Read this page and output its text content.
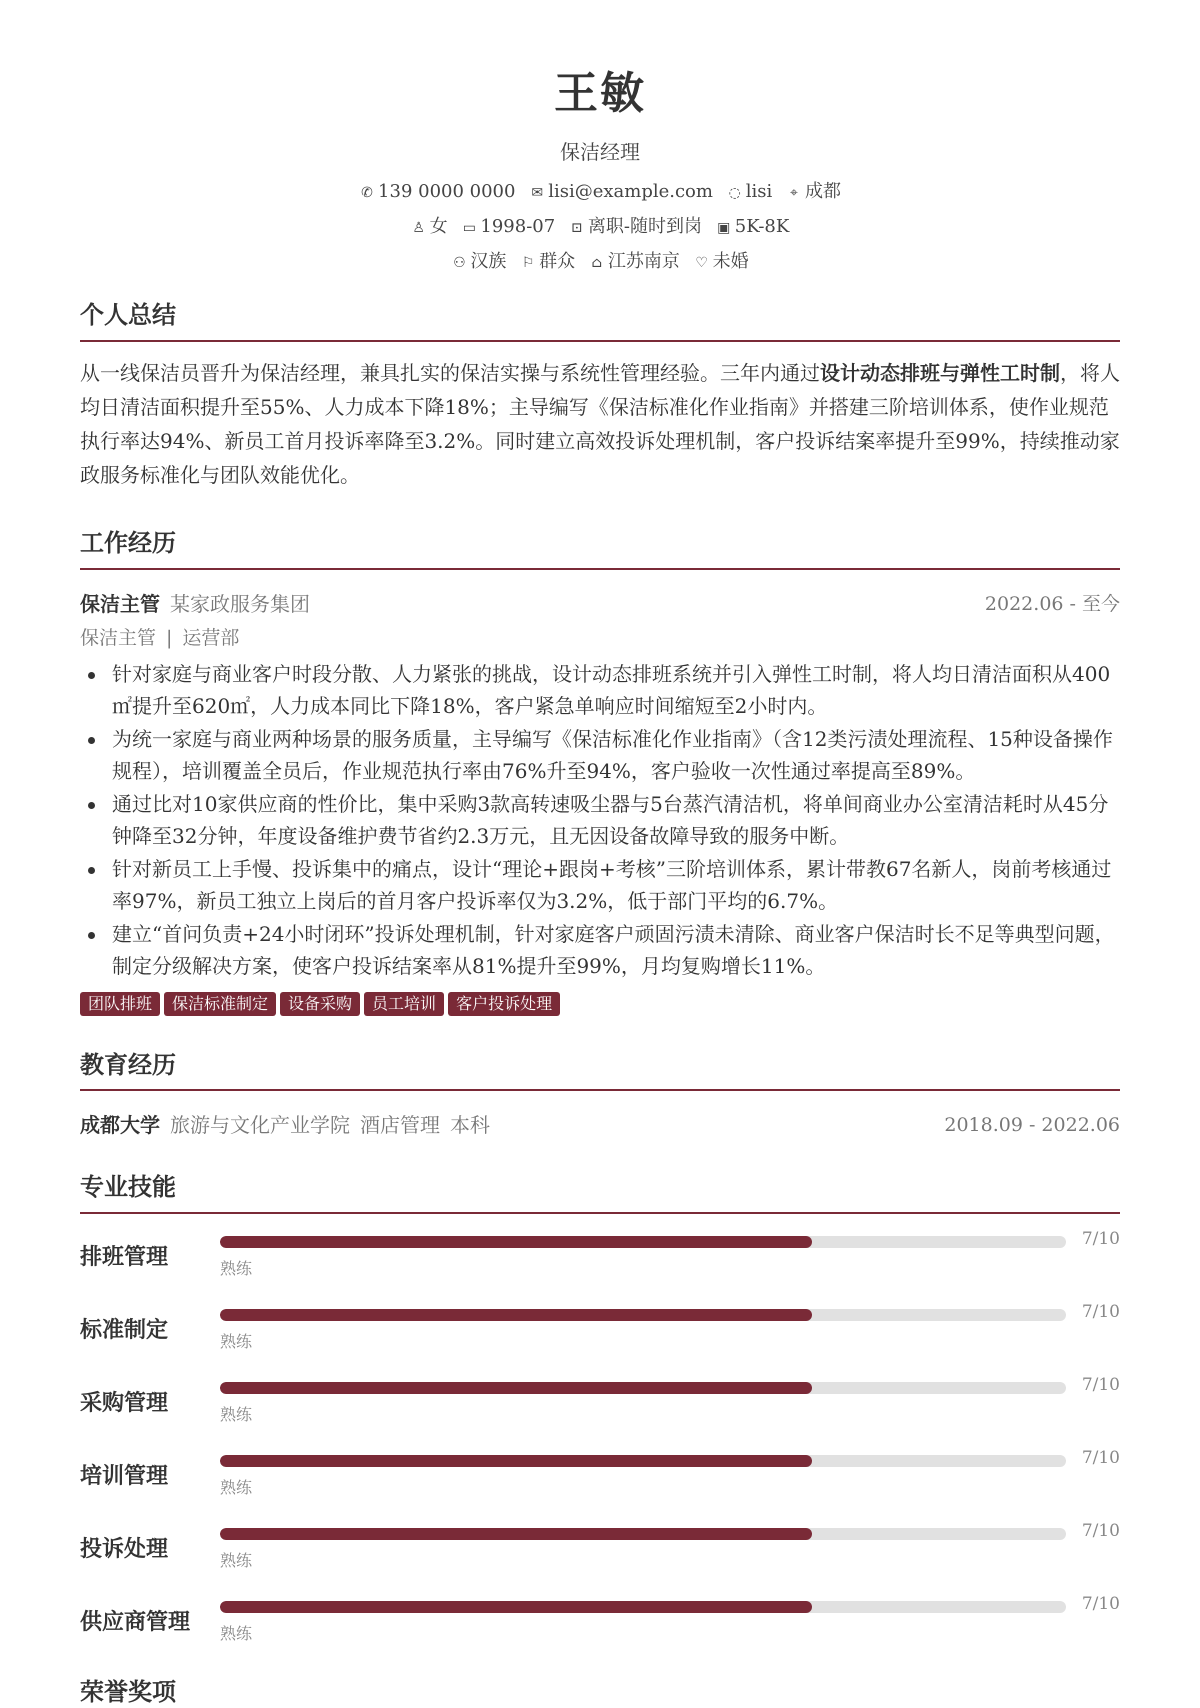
王敏
保洁经理
✆ 139 0000 0000 ✉ lisi@example.com ◌ lisi ⌖ 成都
♙ 女 ▭ 1998-07 ⊡ 离职-随时到岗 ▣ 5K-8K
⚇ 汉族 ⚐ 群众 ⌂ 江苏南京 ♡ 未婚
个人总结
从一线保洁员晋升为保洁经理，兼具扎实的保洁实操与系统性管理经验。三年内通过设计动态排班与弹性工时制，将人均日清洁面积提升至55%、人力成本下降18%；主导编写《保洁标准化作业指南》并搭建三阶培训体系，使作业规范执行率达94%、新员工首月投诉率降至3.2%。同时建立高效投诉处理机制，客户投诉结案率提升至99%，持续推动家政服务标准化与团队效能优化。
工作经历
保洁主管 某家政服务集团	2022.06 - 至今
保洁主管 | 运营部
针对家庭与商业客户时段分散、人力紧张的挑战，设计动态排班系统并引入弹性工时制，将人均日清洁面积从400㎡提升至620㎡，人力成本同比下降18%，客户紧急单响应时间缩短至2小时内。
为统一家庭与商业两种场景的服务质量，主导编写《保洁标准化作业指南》（含12类污渍处理流程、15种设备操作规程），培训覆盖全员后，作业规范执行率由76%升至94%，客户验收一次性通过率提高至89%。
通过比对10家供应商的性价比，集中采购3款高转速吸尘器与5台蒸汽清洁机，将单间商业办公室清洁耗时从45分钟降至32分钟，年度设备维护费节省约2.3万元，且无因设备故障导致的服务中断。
针对新员工上手慢、投诉集中的痛点，设计“理论+跟岗+考核”三阶培训体系，累计带教67名新人，岗前考核通过率97%，新员工独立上岗后的首月客户投诉率仅为3.2%，低于部门平均的6.7%。
建立“首问负责+24小时闭环”投诉处理机制，针对家庭客户顽固污渍未清除、商业客户保洁时长不足等典型问题，制定分级解决方案，使客户投诉结案率从81%提升至99%，月均复购增长11%。
团队排班 保洁标准制定 设备采购 员工培训 客户投诉处理
教育经历
成都大学 旅游与文化产业学院 酒店管理 本科	2018.09 - 2022.06
专业技能
排班管理	熟练
7/10
标准制定	熟练
7/10
采购管理	熟练
7/10
培训管理	熟练
7/10
投诉处理	熟练
7/10
供应商管理 熟练
7/10
荣誉奖项
